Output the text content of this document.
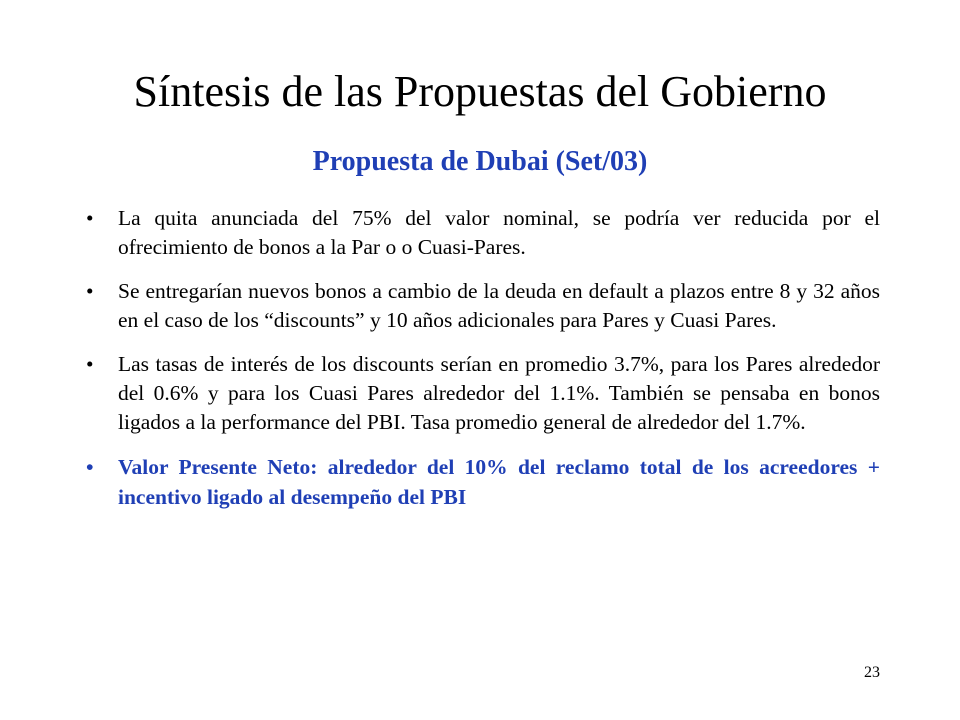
Síntesis de las Propuestas del Gobierno
Propuesta de Dubai (Set/03)
• La quita anunciada del 75% del valor nominal, se podría ver reducida por el ofrecimiento de bonos a la Par o o Cuasi-Pares.
• Se entregarían nuevos bonos a cambio de la deuda en default a plazos entre 8 y 32 años en el caso de los “discounts” y 10 años adicionales para Pares y Cuasi Pares.
• Las tasas de interés de los discounts serían en promedio 3.7%, para los Pares alrededor del 0.6% y para los Cuasi Pares alrededor del 1.1%. También se pensaba en bonos ligados a la performance del PBI. Tasa promedio general de alrededor del 1.7%.
• Valor Presente Neto: alrededor del 10% del reclamo total de los acreedores + incentivo ligado al desempeño del PBI
23
